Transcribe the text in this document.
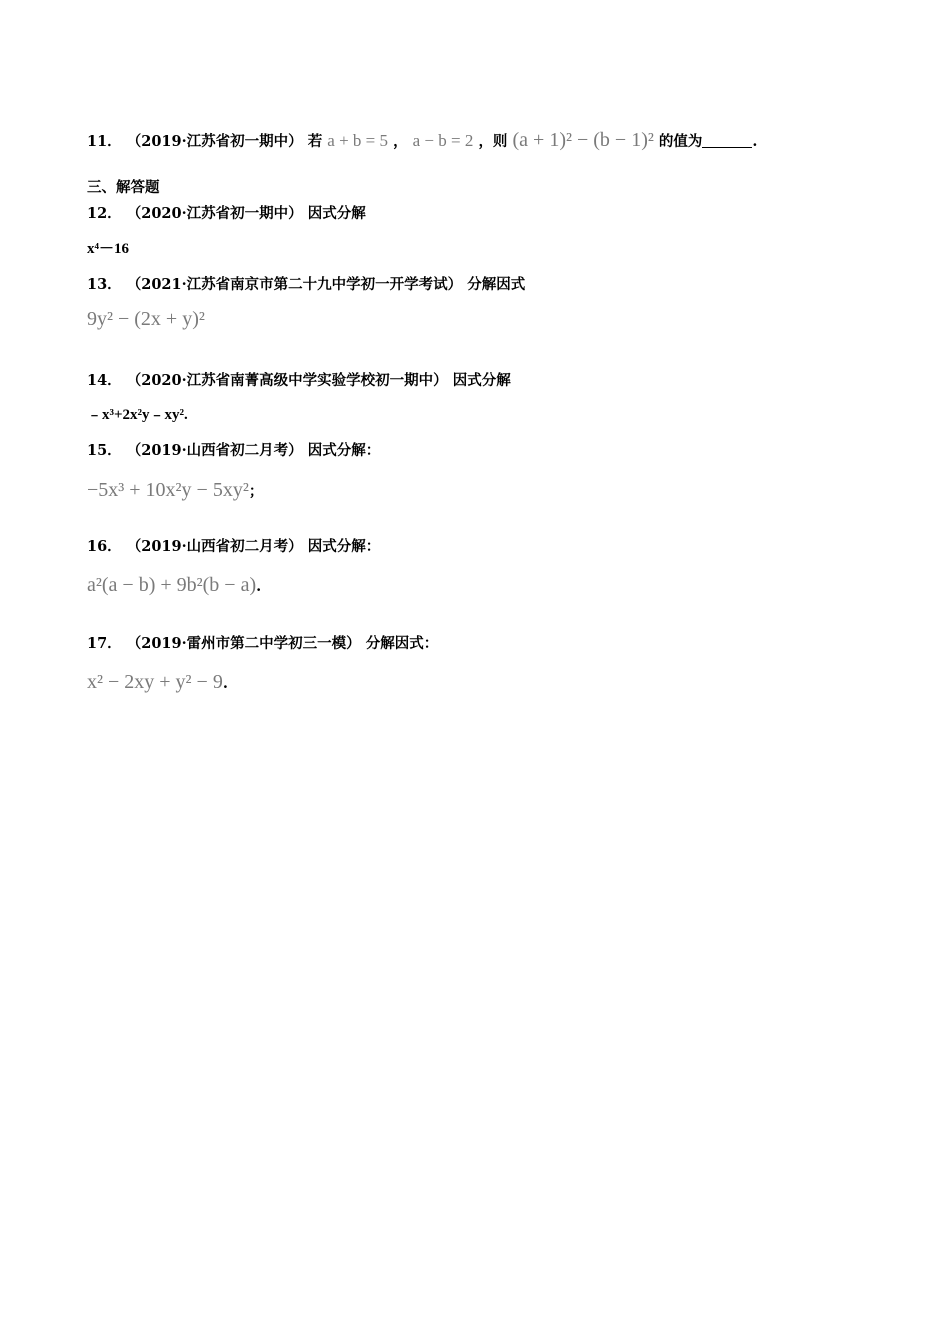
11． （2019·江苏省初一期中） 若 a + b = 5 ， a − b = 2 ，则 (a + 1)² − (b − 1)² 的值为	.
三、解答题
12． （2020·江苏省初一期中） 因式分解
x⁴－16
13． （2021·江苏省南京市第二十九中学初一开学考试） 分解因式
9y² − (2x + y)²
14． （2020·江苏省南菁高级中学实验学校初一期中） 因式分解
﹣x³+2x²y﹣xy².
15． （2019·山西省初二月考） 因式分解：
−5x³ + 10x²y − 5xy²；
16． （2019·山西省初二月考） 因式分解：
a²(a − b) + 9b²(b − a).
17． （2019·雷州市第二中学初三一模） 分解因式：
x² − 2xy + y² − 9.
